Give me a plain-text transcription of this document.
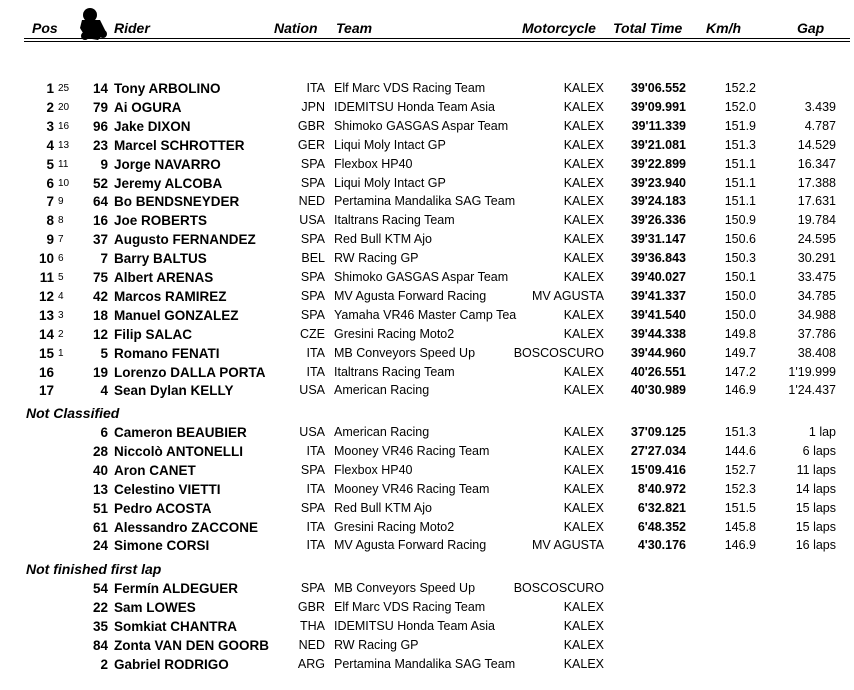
Pos	Rider	Nation Team	Motorcycle Total Time Km/h	Gap
1 25	14 Tony ARBOLINO	ITA Elf Marc VDS Racing Team	KALEX	39'06.552	152.2
2 20	79 Ai OGURA	JPN IDEMITSU Honda Team Asia	KALEX	39'09.991	152.0	3.439
3 16	96 Jake DIXON	GBR Shimoko GASGAS Aspar Team	KALEX	39'11.339	151.9	4.787
4 13	23 Marcel SCHROTTER	GER Liqui Moly Intact GP	KALEX	39'21.081	151.3	14.529
5 11	9 Jorge NAVARRO	SPA Flexbox HP40	KALEX	39'22.899	151.1	16.347
6 10	52 Jeremy ALCOBA	SPA Liqui Moly Intact GP	KALEX	39'23.940	151.1	17.388
7 9	64 Bo BENDSNEYDER	NED Pertamina Mandalika SAG Team	KALEX	39'24.183	151.1	17.631
8 8	16 Joe ROBERTS	USA Italtrans Racing Team	KALEX	39'26.336	150.9	19.784
9 7	37 Augusto FERNANDEZ	SPA Red Bull KTM Ajo	KALEX	39'31.147	150.6	24.595
10 6	7 Barry BALTUS	BEL RW Racing GP	KALEX	39'36.843	150.3	30.291
11 5	75 Albert ARENAS	SPA Shimoko GASGAS Aspar Team	KALEX	39'40.027	150.1	33.475
12 4	42 Marcos RAMIREZ	SPA MV Agusta Forward Racing	MV AGUSTA	39'41.337	150.0	34.785
13 3	18 Manuel GONZALEZ	SPA Yamaha VR46 Master Camp Tea	KALEX	39'41.540	150.0	34.988
14 2	12 Filip SALAC	CZE Gresini Racing Moto2	KALEX	39'44.338	149.8	37.786
15 1	5 Romano FENATI	ITA MB Conveyors Speed Up	BOSCOSCURO	39'44.960	149.7	38.408
16	19 Lorenzo DALLA PORTA	ITA Italtrans Racing Team	KALEX	40'26.551	147.2	1'19.999
17	4 Sean Dylan KELLY	USA American Racing	KALEX	40'30.989	146.9	1'24.437
Not Classified
6 Cameron BEAUBIER	USA American Racing	KALEX	37'09.125	151.3	1 lap
28 Niccolò ANTONELLI	ITA Mooney VR46 Racing Team	KALEX	27'27.034	144.6	6 laps
40 Aron CANET	SPA Flexbox HP40	KALEX	15'09.416	152.7	11 laps
13 Celestino VIETTI	ITA Mooney VR46 Racing Team	KALEX	8'40.972	152.3	14 laps
51 Pedro ACOSTA	SPA Red Bull KTM Ajo	KALEX	6'32.821	151.5	15 laps
61 Alessandro ZACCONE	ITA Gresini Racing Moto2	KALEX	6'48.352	145.8	15 laps
24 Simone CORSI	ITA MV Agusta Forward Racing	MV AGUSTA	4'30.176	146.9	16 laps
Not finished first lap
54 Fermín ALDEGUER	SPA MB Conveyors Speed Up	BOSCOSCURO
22 Sam LOWES	GBR Elf Marc VDS Racing Team	KALEX
35 Somkiat CHANTRA	THA IDEMITSU Honda Team Asia	KALEX
84 Zonta VAN DEN GOORB	NED RW Racing GP	KALEX
2 Gabriel RODRIGO	ARG Pertamina Mandalika SAG Team	KALEX
